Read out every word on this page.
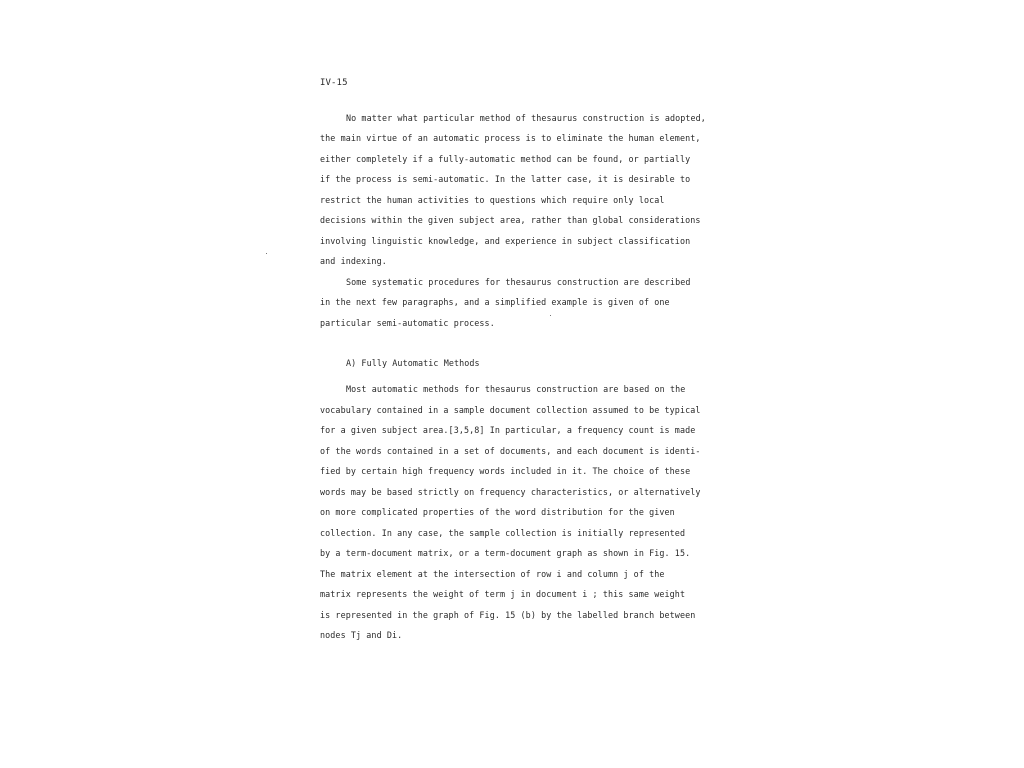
IV-15
No matter what particular method of thesaurus construction is adopted,
the main virtue of an automatic process is to eliminate the human element,
either completely if a fully-automatic method can be found, or partially
if the process is semi-automatic. In the latter case, it is desirable to
restrict the human activities to questions which require only local
decisions within the given subject area, rather than global considerations
involving linguistic knowledge, and experience in subject classification
and indexing.
Some systematic procedures for thesaurus construction are described
in the next few paragraphs, and a simplified example is given of one
particular semi-automatic process.
A) Fully Automatic Methods
Most automatic methods for thesaurus construction are based on the
vocabulary contained in a sample document collection assumed to be typical
for a given subject area.[3,5,8] In particular, a frequency count is made
of the words contained in a set of documents, and each document is identi-
fied by certain high frequency words included in it. The choice of these
words may be based strictly on frequency characteristics, or alternatively
on more complicated properties of the word distribution for the given
collection. In any case, the sample collection is initially represented
by a term-document matrix, or a term-document graph as shown in Fig. 15.
The matrix element at the intersection of row i and column j of the
matrix represents the weight of term j in document i ; this same weight
is represented in the graph of Fig. 15 (b) by the labelled branch between
nodes Tj and Di.
